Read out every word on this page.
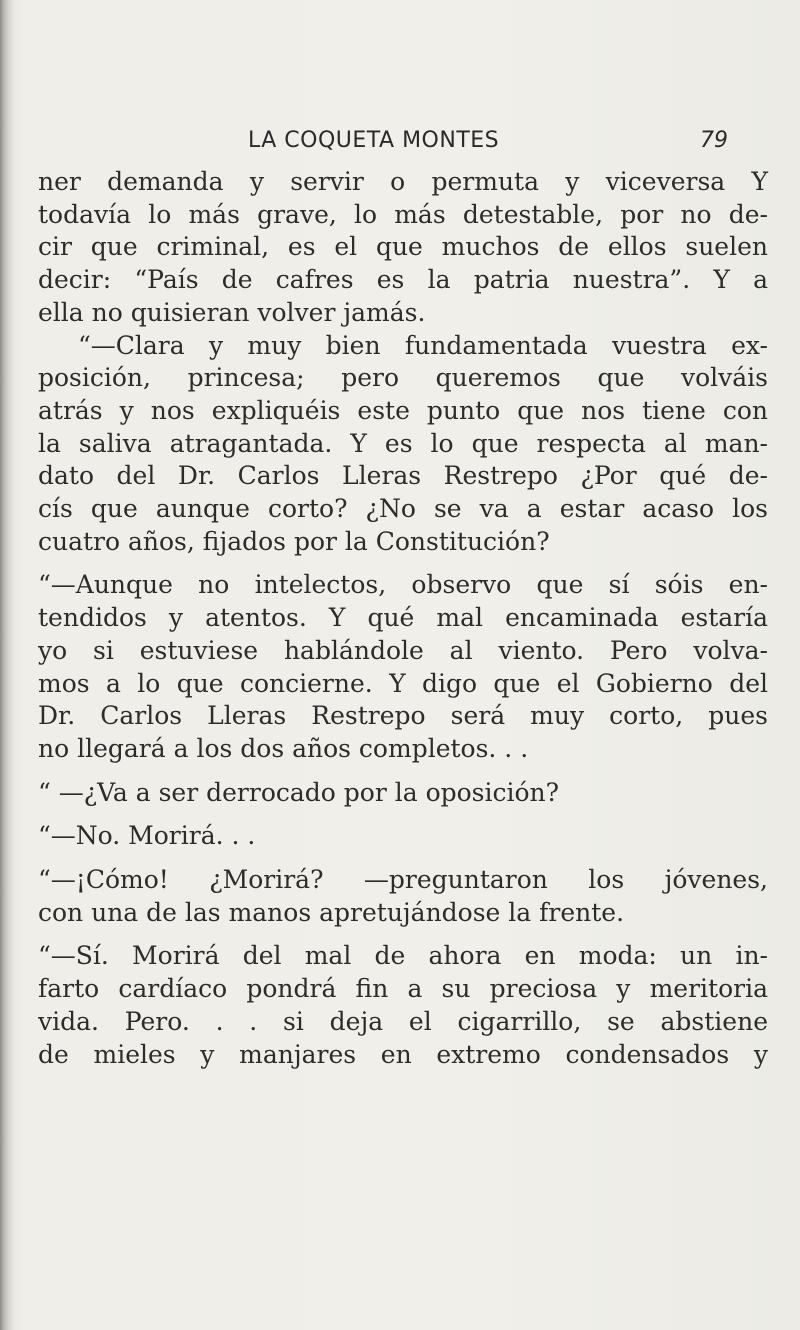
LA COQUETA MONTES	79
ner demanda y servir o permuta y viceversa Y
todavía lo más grave, lo más detestable, por no de-
cir que criminal, es el que muchos de ellos suelen
decir: “País de cafres es la patria nuestra”. Y a
ella no quisieran volver jamás.
“—Clara y muy bien fundamentada vuestra ex-
posición, princesa; pero queremos que volváis
atrás y nos expliquéis este punto que nos tiene con
la saliva atragantada. Y es lo que respecta al man-
dato del Dr. Carlos Lleras Restrepo ¿Por qué de-
cís que aunque corto? ¿No se va a estar acaso los
cuatro años, fijados por la Constitución?
“—Aunque no intelectos, observo que sí sóis en-
tendidos y atentos. Y qué mal encaminada estaría
yo si estuviese hablándole al viento. Pero volva-
mos a lo que concierne. Y digo que el Gobierno del
Dr. Carlos Lleras Restrepo será muy corto, pues
no llegará a los dos años completos. . .
“ —¿Va a ser derrocado por la oposición?
“—No. Morirá. . .
“—¡Cómo! ¿Morirá? —preguntaron los jóvenes,
con una de las manos apretujándose la frente.
“—Sí. Morirá del mal de ahora en moda: un in-
farto cardíaco pondrá fin a su preciosa y meritoria
vida. Pero. . . si deja el cigarrillo, se abstiene
de mieles y manjares en extremo condensados y
